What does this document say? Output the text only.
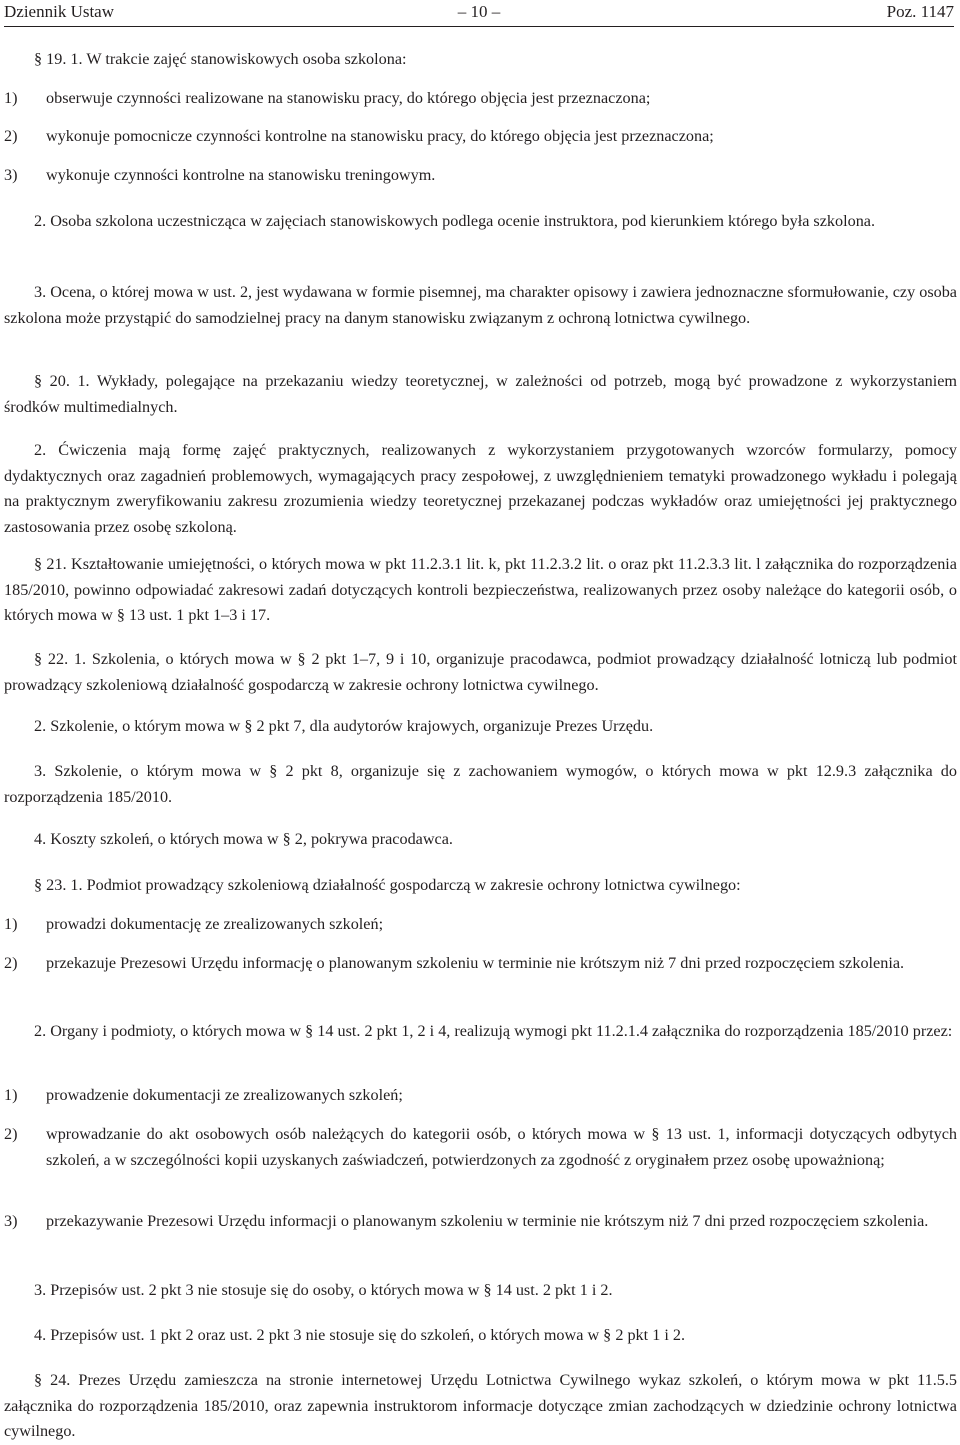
Dziennik Ustaw	– 10 –	Poz. 1147

§ 19. 1. W trakcie zajęć stanowiskowych osoba szkolona:

1) obserwuje czynności realizowane na stanowisku pracy, do którego objęcia jest przeznaczona;
2) wykonuje pomocnicze czynności kontrolne na stanowisku pracy, do którego objęcia jest przeznaczona;
3) wykonuje czynności kontrolne na stanowisku treningowym.

2. Osoba szkolona uczestnicząca w zajęciach stanowiskowych podlega ocenie instruktora, pod kierunkiem którego była szkolona.

3. Ocena, o której mowa w ust. 2, jest wydawana w formie pisemnej, ma charakter opisowy i zawiera jednoznaczne sformułowanie, czy osoba szkolona może przystąpić do samodzielnej pracy na danym stanowisku związanym z ochroną lotnictwa cywilnego.

§ 20. 1. Wykłady, polegające na przekazaniu wiedzy teoretycznej, w zależności od potrzeb, mogą być prowadzone z wykorzystaniem środków multimedialnych.

2. Ćwiczenia mają formę zajęć praktycznych, realizowanych z wykorzystaniem przygotowanych wzorców formularzy, pomocy dydaktycznych oraz zagadnień problemowych, wymagających pracy zespołowej, z uwzględnieniem tematyki prowadzonego wykładu i polegają na praktycznym zweryfikowaniu zakresu zrozumienia wiedzy teoretycznej przekazanej podczas wykładów oraz umiejętności jej praktycznego zastosowania przez osobę szkoloną.

§ 21. Kształtowanie umiejętności, o których mowa w pkt 11.2.3.1 lit. k, pkt 11.2.3.2 lit. o oraz pkt 11.2.3.3 lit. l załącznika do rozporządzenia 185/2010, powinno odpowiadać zakresowi zadań dotyczących kontroli bezpieczeństwa, realizowanych przez osoby należące do kategorii osób, o których mowa w § 13 ust. 1 pkt 1–3 i 17.

§ 22. 1. Szkolenia, o których mowa w § 2 pkt 1–7, 9 i 10, organizuje pracodawca, podmiot prowadzący działalność lotniczą lub podmiot prowadzący szkoleniową działalność gospodarczą w zakresie ochrony lotnictwa cywilnego.

2. Szkolenie, o którym mowa w § 2 pkt 7, dla audytorów krajowych, organizuje Prezes Urzędu.

3. Szkolenie, o którym mowa w § 2 pkt 8, organizuje się z zachowaniem wymogów, o których mowa w pkt 12.9.3 załącznika do rozporządzenia 185/2010.

4. Koszty szkoleń, o których mowa w § 2, pokrywa pracodawca.

§ 23. 1. Podmiot prowadzący szkoleniową działalność gospodarczą w zakresie ochrony lotnictwa cywilnego:

1) prowadzi dokumentację ze zrealizowanych szkoleń;
2) przekazuje Prezesowi Urzędu informację o planowanym szkoleniu w terminie nie krótszym niż 7 dni przed rozpoczęciem szkolenia.

2. Organy i podmioty, o których mowa w § 14 ust. 2 pkt 1, 2 i 4, realizują wymogi pkt 11.2.1.4 załącznika do rozporządzenia 185/2010 przez:

1) prowadzenie dokumentacji ze zrealizowanych szkoleń;
2) wprowadzanie do akt osobowych osób należących do kategorii osób, o których mowa w § 13 ust. 1, informacji dotyczących odbytych szkoleń, a w szczególności kopii uzyskanych zaświadczeń, potwierdzonych za zgodność z oryginałem przez osobę upoważnioną;
3) przekazywanie Prezesowi Urzędu informacji o planowanym szkoleniu w terminie nie krótszym niż 7 dni przed rozpoczęciem szkolenia.

3. Przepisów ust. 2 pkt 3 nie stosuje się do osoby, o których mowa w § 14 ust. 2 pkt 1 i 2.

4. Przepisów ust. 1 pkt 2 oraz ust. 2 pkt 3 nie stosuje się do szkoleń, o których mowa w § 2 pkt 1 i 2.

§ 24. Prezes Urzędu zamieszcza na stronie internetowej Urzędu Lotnictwa Cywilnego wykaz szkoleń, o którym mowa w pkt 11.5.5 załącznika do rozporządzenia 185/2010, oraz zapewnia instruktorom informacje dotyczące zmian zachodzących w dziedzinie ochrony lotnictwa cywilnego.
